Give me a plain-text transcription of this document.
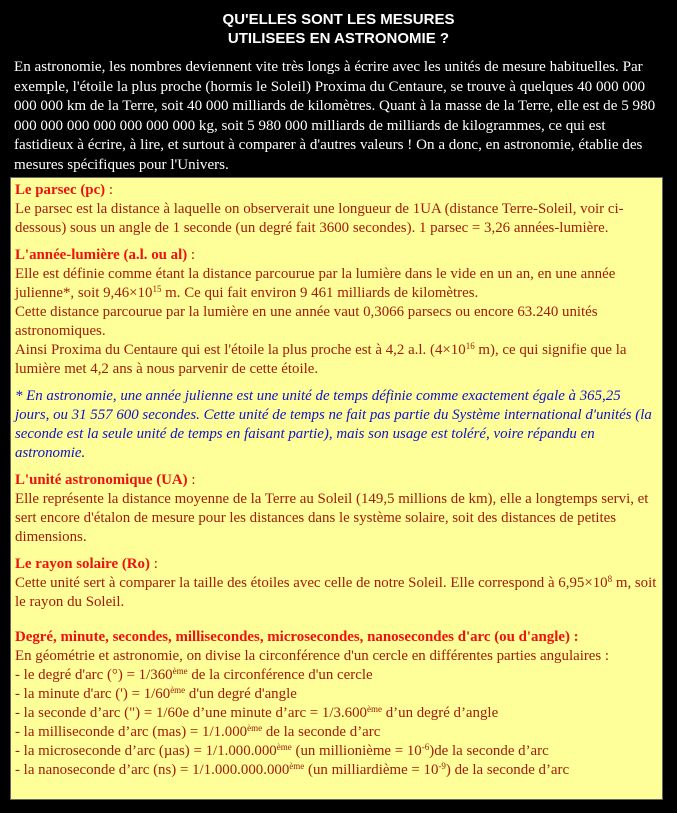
QU'ELLES SONT LES MESURES
UTILISEES EN ASTRONOMIE ?

En astronomie, les nombres deviennent vite très longs à écrire avec les unités de mesure habituelles. Par exemple, l'étoile la plus proche (hormis le Soleil) Proxima du Centaure, se trouve à quelques 40 000 000 000 000 km de la Terre, soit 40 000 milliards de kilomètres. Quant à la masse de la Terre, elle est de 5 980 000 000 000 000 000 000 000 kg, soit 5 980 000 milliards de milliards de kilogrammes, ce qui est fastidieux à écrire, à lire, et surtout à comparer à d'autres valeurs ! On a donc, en astronomie, établie des mesures spécifiques pour l'Univers.

Le parsec (pc) :
Le parsec est la distance à laquelle on observerait une longueur de 1UA (distance Terre-Soleil, voir ci-dessous) sous un angle de 1 seconde (un degré fait 3600 secondes). 1 parsec = 3,26 années-lumière.
L'année-lumière (a.l. ou al) :
Elle est définie comme étant la distance parcourue par la lumière dans le vide en un an, en une année julienne*, soit $9,46\times 10^{15}$ m. Ce qui fait environ 9 461 milliards de kilomètres.
Cette distance parcourue par la lumière en une année vaut 0,3066 parsecs ou encore 63.240 unités astronomiques.
Ainsi Proxima du Centaure qui est l'étoile la plus proche est à 4,2 a.l. ($4\times 10^{16}$ m), ce qui signifie que la lumière met 4,2 ans à nous parvenir de cette étoile.
* En astronomie, une année julienne est une unité de temps définie comme exactement égale à 365,25 jours, ou 31 557 600 secondes. Cette unité de temps ne fait pas partie du Système international d'unités (la seconde est la seule unité de temps en faisant partie), mais son usage est toléré, voire répandu en astronomie.
L'unité astronomique (UA) :
Elle représente la distance moyenne de la Terre au Soleil (149,5 millions de km), elle a longtemps servi, et sert encore d'étalon de mesure pour les distances dans le système solaire, soit des distances de petites dimensions.
Le rayon solaire (Ro) :
Cette unité sert à comparer la taille des étoiles avec celle de notre Soleil. Elle correspond à $6,95\times 10^8$ m, soit le rayon du Soleil.
Degré, minute, secondes, millisecondes, microsecondes, nanosecondes d'arc (ou d'angle) :
En géométrie et astronomie, on divise la circonférence d'un cercle en différentes parties angulaires :
- le degré d'arc (°) = 1/360ème de la circonférence d'un cercle
- la minute d'arc (') = 1/60ème d'un degré d'angle
- la seconde d’arc (") = 1/60e d’une minute d’arc = 1/3.600ème d’un degré d’angle
- la milliseconde d’arc (mas) = 1/1.000ème de la seconde d’arc
- la microseconde d’arc (µas) = 1/1.000.000ème (un millionième = $10^{-6})de$ la seconde d’arc
- la nanoseconde d’arc (ns) = 1/1.000.000.000ème (un milliardième = $10^{-9}$) de la seconde d’arc
